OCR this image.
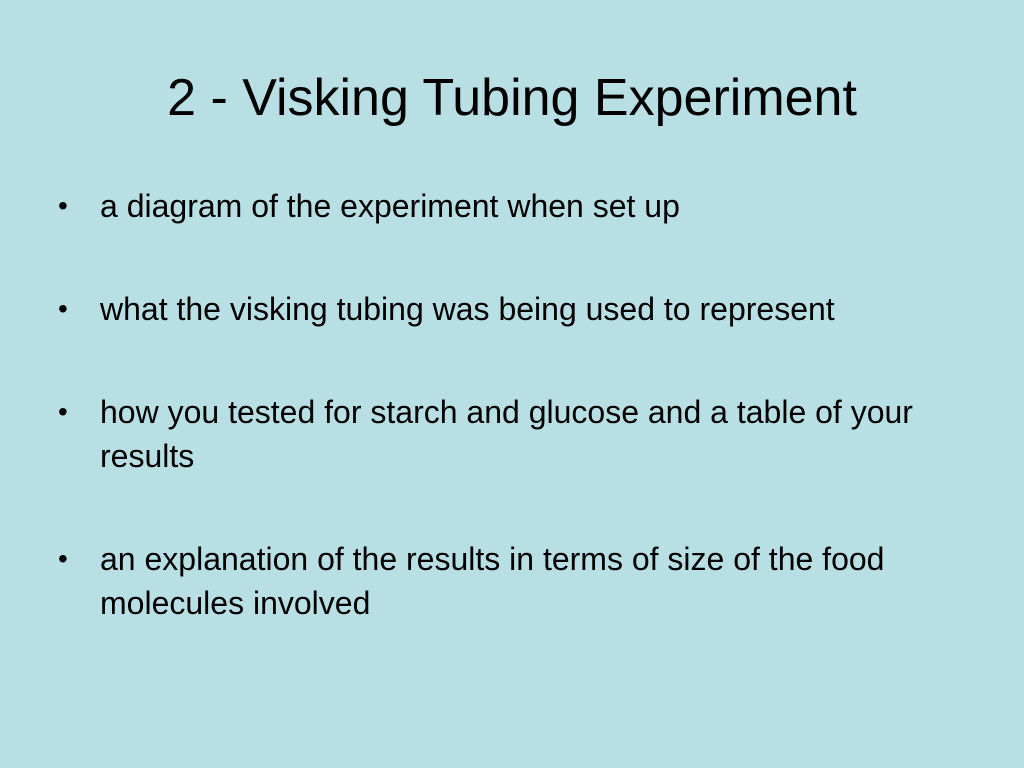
2 - Visking Tubing Experiment
•	a diagram of the experiment when set up
•	what the visking tubing was being used to represent
•	how you tested for starch and glucose and a table of your results
•	an explanation of the results in terms of size of the food molecules involved
